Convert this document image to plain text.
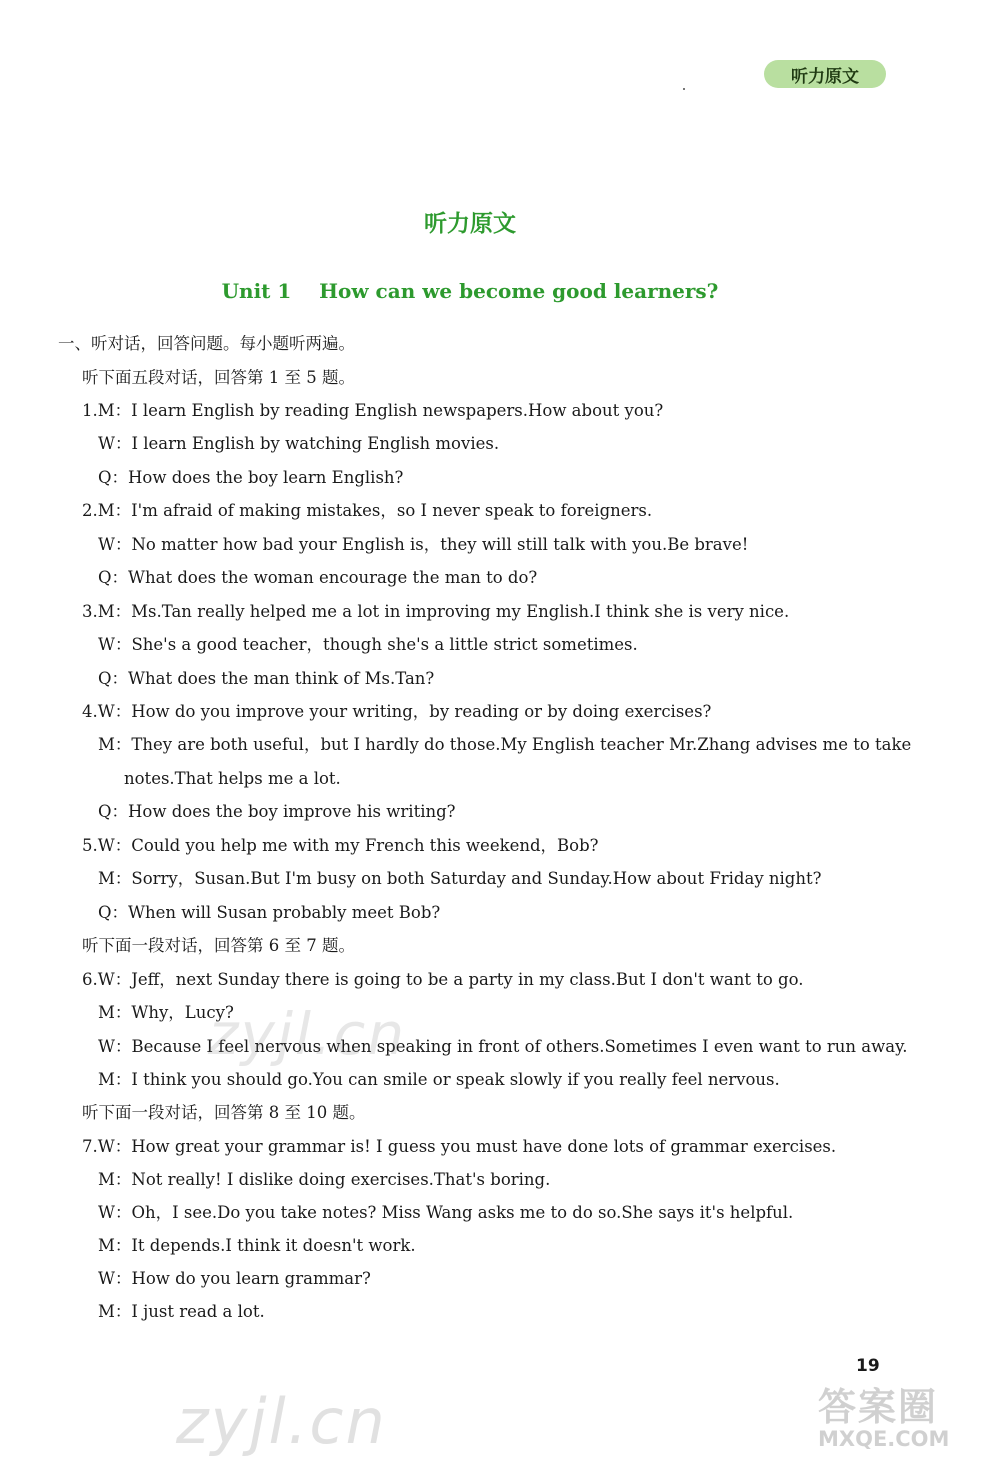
听力原文
听力原文
Unit 1    How can we become good learners?
一、听对话，回答问题。每小题听两遍。
听下面五段对话，回答第 1 至 5 题。
1.M：I learn English by reading English newspapers.How about you?
W：I learn English by watching English movies.
Q：How does the boy learn English?
2.M：I'm afraid of making mistakes，so I never speak to foreigners.
W：No matter how bad your English is，they will still talk with you.Be brave!
Q：What does the woman encourage the man to do?
3.M：Ms.Tan really helped me a lot in improving my English.I think she is very nice.
W：She's a good teacher，though she's a little strict sometimes.
Q：What does the man think of Ms.Tan?
4.W：How do you improve your writing，by reading or by doing exercises?
M：They are both useful，but I hardly do those.My English teacher Mr.Zhang advises me to take
notes.That helps me a lot.
Q：How does the boy improve his writing?
5.W：Could you help me with my French this weekend，Bob?
M：Sorry，Susan.But I'm busy on both Saturday and Sunday.How about Friday night?
Q：When will Susan probably meet Bob?
听下面一段对话，回答第 6 至 7 题。
6.W：Jeff，next Sunday there is going to be a party in my class.But I don't want to go.
M：Why，Lucy?
W：Because I feel nervous when speaking in front of others.Sometimes I even want to run away.
M：I think you should go.You can smile or speak slowly if you really feel nervous.
听下面一段对话，回答第 8 至 10 题。
7.W：How great your grammar is! I guess you must have done lots of grammar exercises.
M：Not really! I dislike doing exercises.That's boring.
W：Oh，I see.Do you take notes? Miss Wang asks me to do so.She says it's helpful.
M：It depends.I think it doesn't work.
W：How do you learn grammar?
M：I just read a lot.
zyjl.cn
zyjl.cn
19
答案圈
MXQE.COM
